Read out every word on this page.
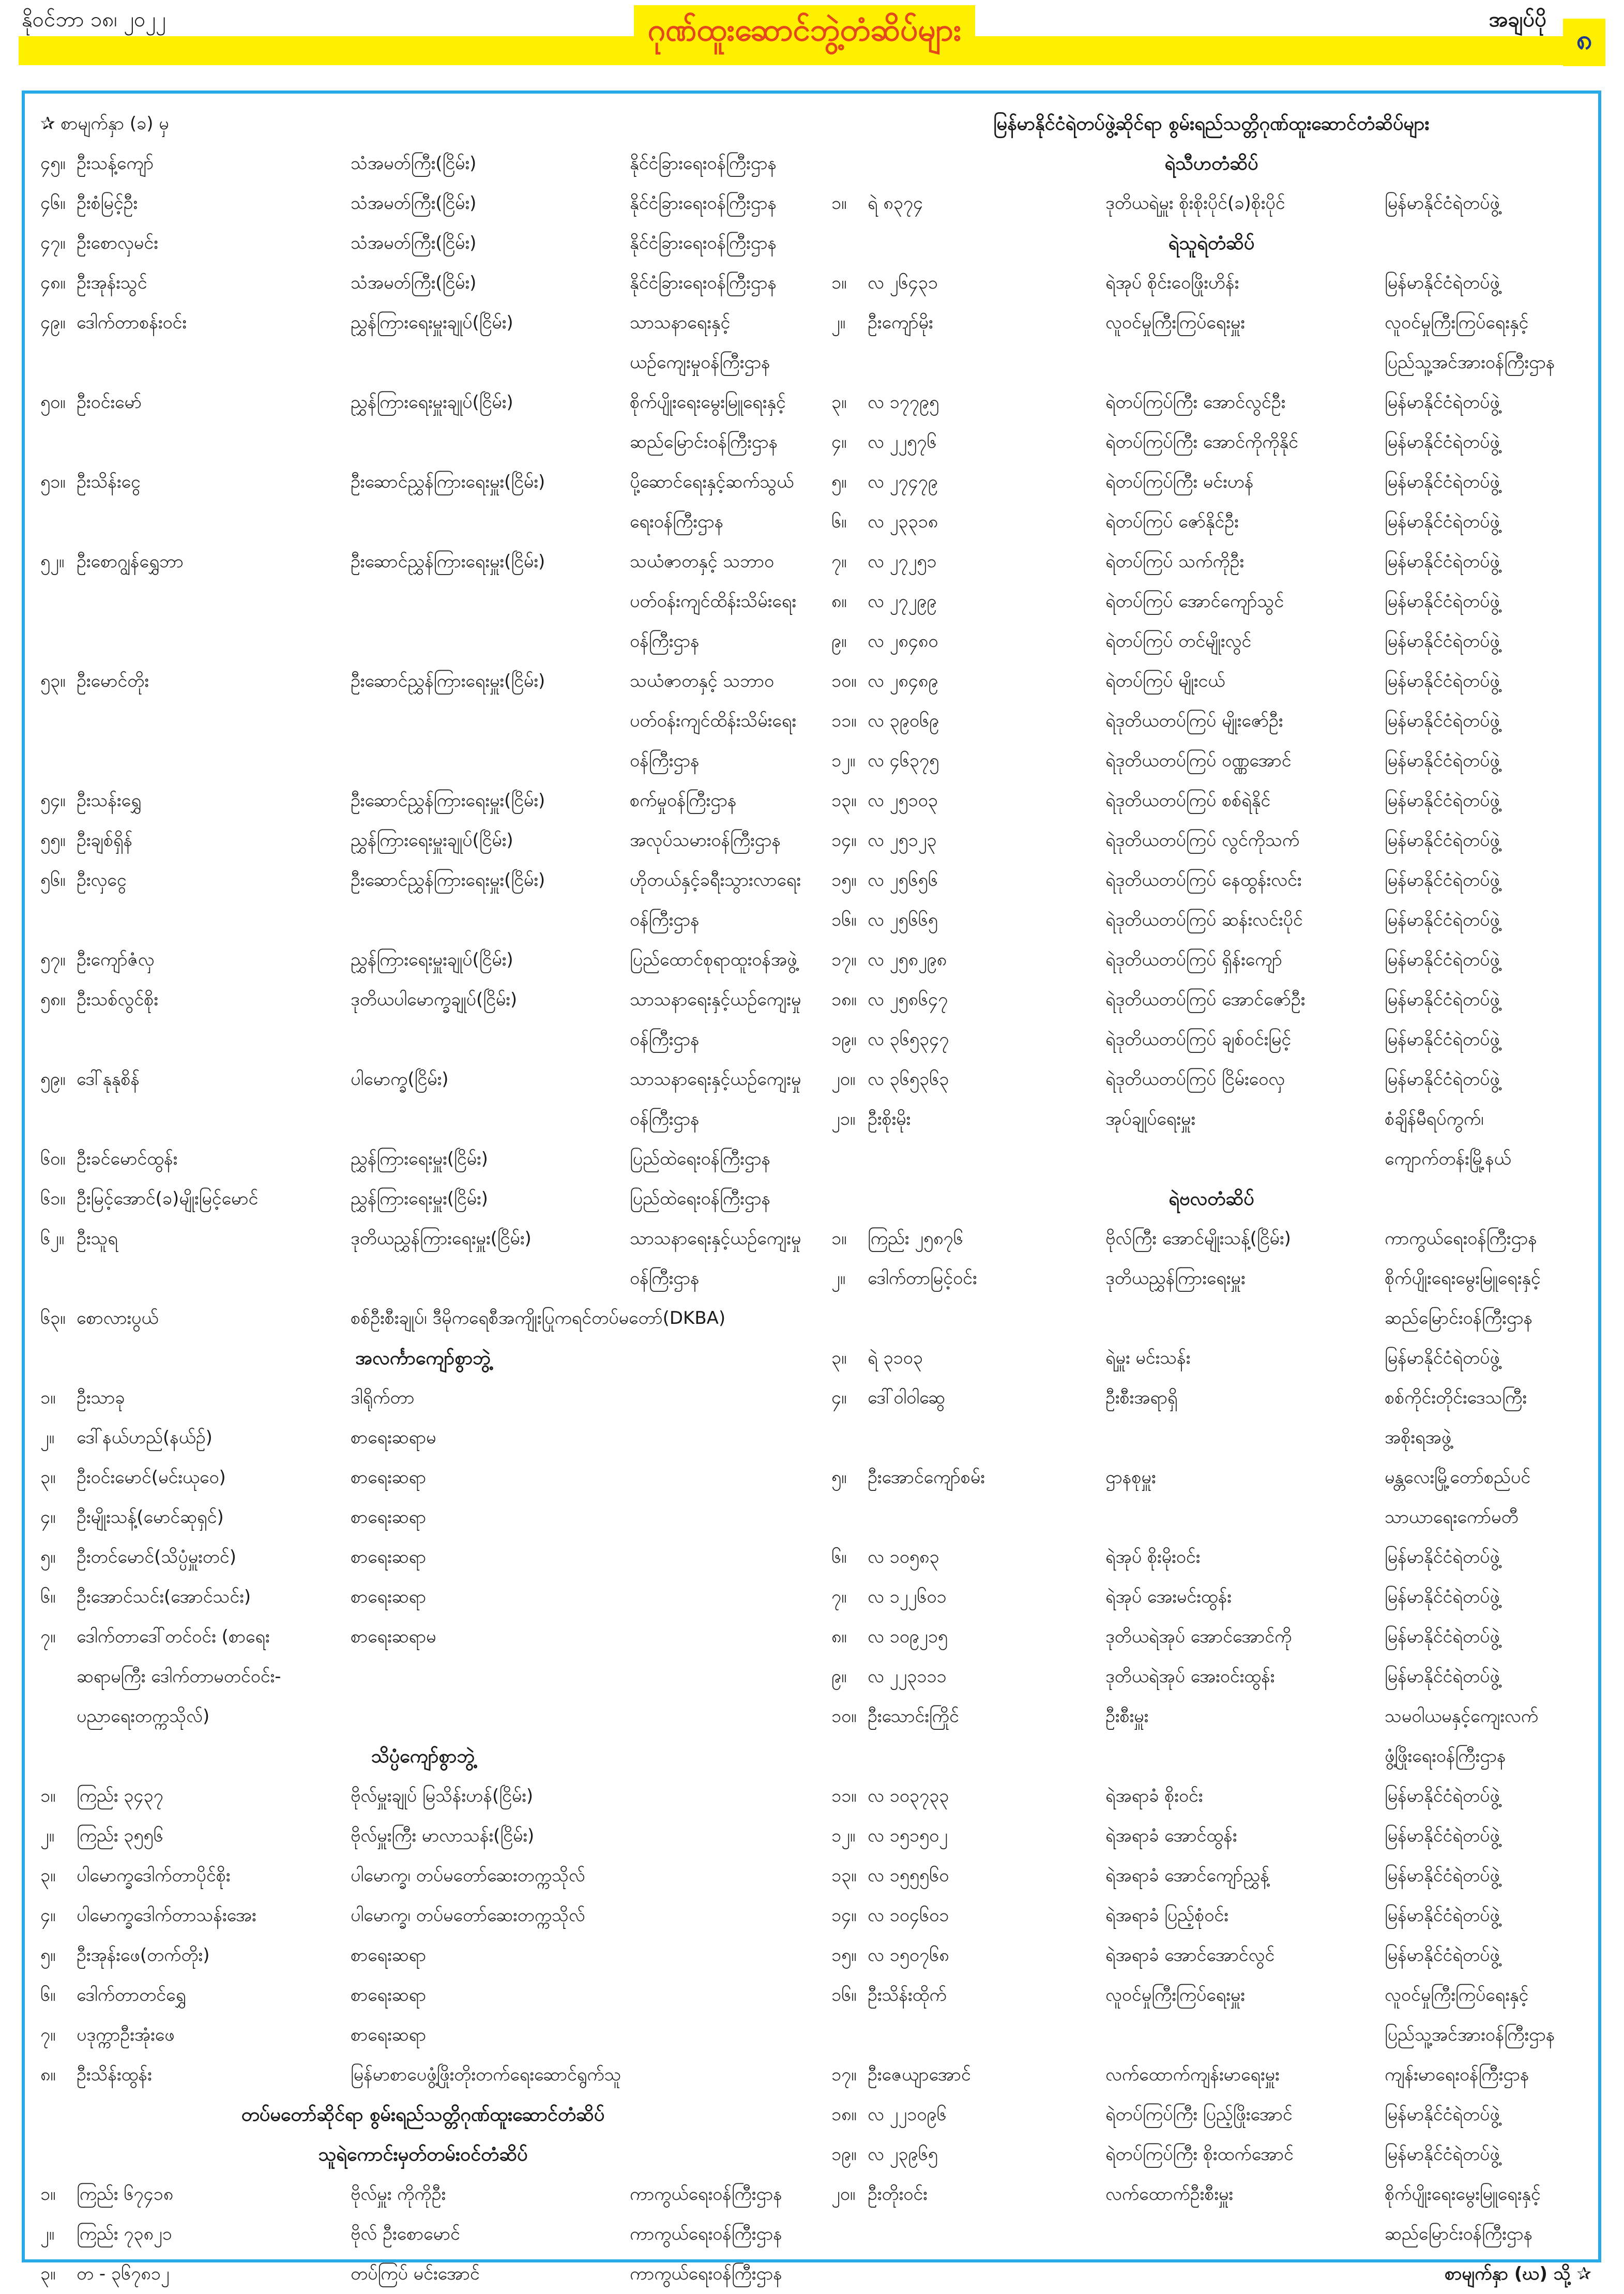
နိုဝင်ဘာ ၁၈၊ ၂၀၂၂	ဂုဏ်ထူးဆောင်ဘွဲ့တံဆိပ်များ	အချပ်ပို
၈
✰ စာမျက်နှာ (ခ) မှ
၄၅။ ဦးသန့်ကျော်	သံအမတ်ကြီး(ငြိမ်း)	နိုင်ငံခြားရေးဝန်ကြီးဌာန
၄၆။ ဦးစံမြင့်ဦး	သံအမတ်ကြီး(ငြိမ်း)	နိုင်ငံခြားရေးဝန်ကြီးဌာန
၄၇။ ဦးစောလှမင်း	သံအမတ်ကြီး(ငြိမ်း)	နိုင်ငံခြားရေးဝန်ကြီးဌာန
၄၈။ ဦးအုန်းသွင်	သံအမတ်ကြီး(ငြိမ်း)	နိုင်ငံခြားရေးဝန်ကြီးဌာန
၄၉။ ဒေါက်တာစန်းဝင်း	ညွှန်ကြားရေးမှူးချုပ်(ငြိမ်း)	သာသနာရေးနှင့်
ယဉ်ကျေးမှုဝန်ကြီးဌာန
၅၀။ ဦးဝင်းမော်	ညွှန်ကြားရေးမှူးချုပ်(ငြိမ်း)	စိုက်ပျိုးရေးမွေးမြူရေးနှင့်
ဆည်မြောင်းဝန်ကြီးဌာန
၅၁။ ဦးသိန်းငွေ	ဦးဆောင်ညွှန်ကြားရေးမှူး(ငြိမ်း)	ပို့ဆောင်ရေးနှင့်ဆက်သွယ်
ရေးဝန်ကြီးဌာန
၅၂။ ဦးစောဂျွန်ရွှေဘာ	ဦးဆောင်ညွှန်ကြားရေးမှူး(ငြိမ်း)	သယံဇာတနှင့် သဘာဝ
ပတ်ဝန်းကျင်ထိန်းသိမ်းရေး
ဝန်ကြီးဌာန
၅၃။ ဦးမောင်တိုး	ဦးဆောင်ညွှန်ကြားရေးမှူး(ငြိမ်း)	သယံဇာတနှင့် သဘာဝ
ပတ်ဝန်းကျင်ထိန်းသိမ်းရေး
ဝန်ကြီးဌာန
၅၄။ ဦးသန်းရွှေ	ဦးဆောင်ညွှန်ကြားရေးမှူး(ငြိမ်း)	စက်မှုဝန်ကြီးဌာန
၅၅။ ဦးချစ်ရှိန်	ညွှန်ကြားရေးမှူးချုပ်(ငြိမ်း)	အလုပ်သမားဝန်ကြီးဌာန
၅၆။ ဦးလှငွေ	ဦးဆောင်ညွှန်ကြားရေးမှူး(ငြိမ်း)	ဟိုတယ်နှင့်ခရီးသွားလာရေး
ဝန်ကြီးဌာန
၅၇။ ဦးကျော်ဇံလှ	ညွှန်ကြားရေးမှူးချုပ်(ငြိမ်း)	ပြည်ထောင်စုရာထူးဝန်အဖွဲ့
၅၈။ ဦးသစ်လွင်စိုး	ဒုတိယပါမောက္ခချုပ်(ငြိမ်း)	သာသနာရေးနှင့်ယဉ်ကျေးမှု
ဝန်ကြီးဌာန
၅၉။ ဒေါ်နုနုစိန်	ပါမောက္ခ(ငြိမ်း)	သာသနာရေးနှင့်ယဉ်ကျေးမှု
ဝန်ကြီးဌာန
၆၀။ ဦးခင်မောင်ထွန်း	ညွှန်ကြားရေးမှူး(ငြိမ်း)	ပြည်ထဲရေးဝန်ကြီးဌာန
၆၁။ ဦးမြင့်အောင်(ခ)မျိုးမြင့်မောင်	ညွှန်ကြားရေးမှူး(ငြိမ်း)	ပြည်ထဲရေးဝန်ကြီးဌာန
၆၂။ ဦးသူရ	ဒုတိယညွှန်ကြားရေးမှူး(ငြိမ်း)	သာသနာရေးနှင့်ယဉ်ကျေးမှု
ဝန်ကြီးဌာန
၆၃။ စောလားပွယ်	စစ်ဦးစီးချုပ်၊ ဒီမိုကရေစီအကျိုးပြုကရင်တပ်မတော်(DKBA)
အလင်္ကာကျော်စွာဘွဲ့
၁။	ဦးသာခု	ဒါရိုက်တာ
၂။	ဒေါ်နယ်ဟည်(နယ်ဥ်)	စာရေးဆရာမ
၃။	ဦးဝင်းမောင်(မင်းယုဝေ)	စာရေးဆရာ
၄။	ဦးမျိုးသန့်(မောင်ဆုရှင်)	စာရေးဆရာ
၅။	ဦးတင်မောင်(သိပ္ပံမှူးတင်)	စာရေးဆရာ
၆။	ဦးအောင်သင်း(အောင်သင်း)	စာရေးဆရာ
၇။	ဒေါက်တာဒေါ်တင်ဝင်း (စာရေး	စာရေးဆရာမ
ဆရာမကြီး ဒေါက်တာမတင်ဝင်း-
ပညာရေးတက္ကသိုလ်)
သိပ္ပံကျော်စွာဘွဲ့
၁။	ကြည်း ၃၄၃၇	ဗိုလ်မှူးချုပ် မြသိန်းဟန်(ငြိမ်း)
၂။	ကြည်း ၃၅၅၆	ဗိုလ်မှူးကြီး မာလာသန်း(ငြိမ်း)
၃။	ပါမောက္ခဒေါက်တာပိုင်စိုး	ပါမောက္ခ၊ တပ်မတော်ဆေးတက္ကသိုလ်
၄။	ပါမောက္ခဒေါက်တာသန်းအေး	ပါမောက္ခ၊ တပ်မတော်ဆေးတက္ကသိုလ်
၅။	ဦးအုန်းဖေ(တက်တိုး)	စာရေးဆရာ
၆။	ဒေါက်တာတင်ရွှေ	စာရေးဆရာ
၇။	ပဒုက္ကာဦးအုံးဖေ	စာရေးဆရာ
၈။	ဦးသိန်းထွန်း	မြန်မာစာပေဖွံ့ဖြိုးတိုးတက်ရေးဆောင်ရွက်သူ
တပ်မတော်ဆိုင်ရာ စွမ်းရည်သတ္တိဂုဏ်ထူးဆောင်တံဆိပ်
သူရဲကောင်းမှတ်တမ်းဝင်တံဆိပ်
၁။	ကြည်း ၆၇၄၁၈	ဗိုလ်မှူး ကိုကိုဦး	ကာကွယ်ရေးဝန်ကြီးဌာန
၂။	ကြည်း ၇၃၈၂၁	ဗိုလ် ဦးစောမောင်	ကာကွယ်ရေးဝန်ကြီးဌာန
၃။	တ - ၃၆၇၈၁၂	တပ်ကြပ် မင်းအောင်	ကာကွယ်ရေးဝန်ကြီးဌာန
မြန်မာနိုင်ငံရဲတပ်ဖွဲ့ဆိုင်ရာ စွမ်းရည်သတ္တိဂုဏ်ထူးဆောင်တံဆိပ်များ
ရဲသီဟတံဆိပ်
၁။	ရဲ ၈၃၇၄	ဒုတိယရဲမှူး စိုးစိုးပိုင်(ခ)စိုးပိုင်	မြန်မာနိုင်ငံရဲတပ်ဖွဲ့
ရဲသူရဲတံဆိပ်
၁။	လ ၂၆၄၃၁	ရဲအုပ် စိုင်းဝေဖြိုးဟိန်း	မြန်မာနိုင်ငံရဲတပ်ဖွဲ့
၂။	ဦးကျော်မိုး	လူဝင်မှုကြီးကြပ်ရေးမှူး	လူဝင်မှုကြီးကြပ်ရေးနှင့်
ပြည်သူ့အင်အားဝန်ကြီးဌာန
၃။	လ ၁၇၇၉၅	ရဲတပ်ကြပ်ကြီး အောင်လွင်ဦး	မြန်မာနိုင်ငံရဲတပ်ဖွဲ့
၄။	လ ၂၂၅၇၆	ရဲတပ်ကြပ်ကြီး အောင်ကိုကိုနိုင်	မြန်မာနိုင်ငံရဲတပ်ဖွဲ့
၅။	လ ၂၇၄၇၉	ရဲတပ်ကြပ်ကြီး မင်းဟန်	မြန်မာနိုင်ငံရဲတပ်ဖွဲ့
၆။	လ ၂၃၃၁၈	ရဲတပ်ကြပ် ဇော်နိုင်ဦး	မြန်မာနိုင်ငံရဲတပ်ဖွဲ့
၇။	လ ၂၇၂၅၁	ရဲတပ်ကြပ် သက်ကိုဦး	မြန်မာနိုင်ငံရဲတပ်ဖွဲ့
၈။	လ ၂၇၂၉၉	ရဲတပ်ကြပ် အောင်ကျော်သွင်	မြန်မာနိုင်ငံရဲတပ်ဖွဲ့
၉။	လ ၂၈၄၈၀	ရဲတပ်ကြပ် တင်မျိုးလွင်	မြန်မာနိုင်ငံရဲတပ်ဖွဲ့
၁၀။ လ ၂၈၄၈၉	ရဲတပ်ကြပ် မျိုးငယ်	မြန်မာနိုင်ငံရဲတပ်ဖွဲ့
၁၁။ လ ၃၉၀၆၉	ရဲဒုတိယတပ်ကြပ် မျိုးဇော်ဦး	မြန်မာနိုင်ငံရဲတပ်ဖွဲ့
၁၂။ လ ၄၆၃၇၅	ရဲဒုတိယတပ်ကြပ် ဝဏ္ဏအောင်	မြန်မာနိုင်ငံရဲတပ်ဖွဲ့
၁၃။ လ ၂၅၁၀၃	ရဲဒုတိယတပ်ကြပ် စစ်ရဲနိုင်	မြန်မာနိုင်ငံရဲတပ်ဖွဲ့
၁၄။ လ ၂၅၁၂၃	ရဲဒုတိယတပ်ကြပ် လွင်ကိုသက်	မြန်မာနိုင်ငံရဲတပ်ဖွဲ့
၁၅။ လ ၂၅၆၅၆	ရဲဒုတိယတပ်ကြပ် နေထွန်းလင်း	မြန်မာနိုင်ငံရဲတပ်ဖွဲ့
၁၆။ လ ၂၅၆၆၅	ရဲဒုတိယတပ်ကြပ် ဆန်းလင်းပိုင်	မြန်မာနိုင်ငံရဲတပ်ဖွဲ့
၁၇။ လ ၂၅၈၂၉၈	ရဲဒုတိယတပ်ကြပ် ရှိန်းကျော်	မြန်မာနိုင်ငံရဲတပ်ဖွဲ့
၁၈။ လ ၂၅၈၆၄၇	ရဲဒုတိယတပ်ကြပ် အောင်ဇော်ဦး	မြန်မာနိုင်ငံရဲတပ်ဖွဲ့
၁၉။ လ ၃၆၅၃၄၇	ရဲဒုတိယတပ်ကြပ် ချစ်ဝင်းမြင့်	မြန်မာနိုင်ငံရဲတပ်ဖွဲ့
၂၀။ လ ၃၆၅၃၆၃	ရဲဒုတိယတပ်ကြပ် ငြိမ်းဝေလှ	မြန်မာနိုင်ငံရဲတပ်ဖွဲ့
၂၁။ ဦးစိုးမိုး	အုပ်ချုပ်ရေးမှူး	စံချိန်မီရပ်ကွက်၊
ကျောက်တန်းမြို့နယ်
ရဲဗလတံဆိပ်
၁။	ကြည်း ၂၅၈၇၆	ဗိုလ်ကြီး အောင်မျိုးသန့်(ငြိမ်း)	ကာကွယ်ရေးဝန်ကြီးဌာန
၂။	ဒေါက်တာမြင့်ဝင်း	ဒုတိယညွှန်ကြားရေးမှူး	စိုက်ပျိုးရေးမွေးမြူရေးနှင့်
ဆည်မြောင်းဝန်ကြီးဌာန
၃။	ရဲ ၃၁၀၃	ရဲမှူး မင်းသန်း	မြန်မာနိုင်ငံရဲတပ်ဖွဲ့
၄။	ဒေါ်ဝါဝါဆွေ	ဦးစီးအရာရှိ	စစ်ကိုင်းတိုင်းဒေသကြီး
အစိုးရအဖွဲ့
၅။	ဦးအောင်ကျော်စမ်း	ဌာနစုမှူး	မန္တလေးမြို့တော်စည်ပင်
သာယာရေးကော်မတီ
၆။	လ ၁၀၅၈၃	ရဲအုပ် စိုးမိုးဝင်း	မြန်မာနိုင်ငံရဲတပ်ဖွဲ့
၇။	လ ၁၂၂၆၀၁	ရဲအုပ် အေးမင်းထွန်း	မြန်မာနိုင်ငံရဲတပ်ဖွဲ့
၈။	လ ၁၀၉၂၁၅	ဒုတိယရဲအုပ် အောင်အောင်ကို	မြန်မာနိုင်ငံရဲတပ်ဖွဲ့
၉။	လ ၂၂၃၁၁၁	ဒုတိယရဲအုပ် အေးဝင်းထွန်း	မြန်မာနိုင်ငံရဲတပ်ဖွဲ့
၁၀။ ဦးသောင်းကြိုင်	ဦးစီးမှူး	သမဝါယမနှင့်ကျေးလက်
ဖွံ့ဖြိုးရေးဝန်ကြီးဌာန
၁၁။ လ ၁၀၃၇၃၃	ရဲအရာခံ စိုးဝင်း	မြန်မာနိုင်ငံရဲတပ်ဖွဲ့
၁၂။ လ ၁၅၁၅၀၂	ရဲအရာခံ အောင်ထွန်း	မြန်မာနိုင်ငံရဲတပ်ဖွဲ့
၁၃။ လ ၁၅၅၅၆၀	ရဲအရာခံ အောင်ကျော်ညွှန့်	မြန်မာနိုင်ငံရဲတပ်ဖွဲ့
၁၄။ လ ၁၀၄၆၀၁	ရဲအရာခံ ပြည့်စုံဝင်း	မြန်မာနိုင်ငံရဲတပ်ဖွဲ့
၁၅။ လ ၁၅၀၇၆၈	ရဲအရာခံ အောင်အောင်လွင်	မြန်မာနိုင်ငံရဲတပ်ဖွဲ့
၁၆။ ဦးသိန်းထိုက်	လူဝင်မှုကြီးကြပ်ရေးမှူး	လူဝင်မှုကြီးကြပ်ရေးနှင့်
ပြည်သူ့အင်အားဝန်ကြီးဌာန
၁၇။ ဦးဇေယျာအောင်	လက်ထောက်ကျန်းမာရေးမှူး	ကျန်းမာရေးဝန်ကြီးဌာန
၁၈။ လ ၂၂၁၀၉၆	ရဲတပ်ကြပ်ကြီး ပြည့်ဖြိုးအောင်	မြန်မာနိုင်ငံရဲတပ်ဖွဲ့
၁၉။ လ ၂၃၉၆၅	ရဲတပ်ကြပ်ကြီး စိုးထက်အောင်	မြန်မာနိုင်ငံရဲတပ်ဖွဲ့
၂၀။ ဦးတိုးဝင်း	လက်ထောက်ဦးစီးမှူး	စိုက်ပျိုးရေးမွေးမြူရေးနှင့်
ဆည်မြောင်းဝန်ကြီးဌာန
စာမျက်နှာ (ဃ) သို့ ✰
